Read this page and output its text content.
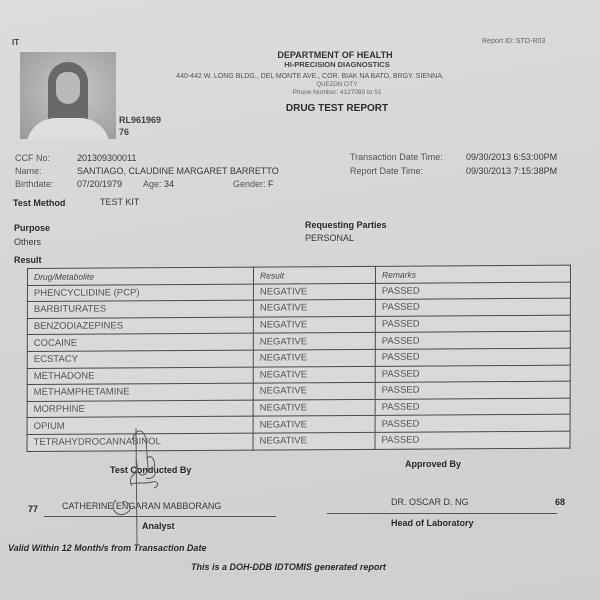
IT	Report ID: STO-R03
DEPARTMENT OF HEALTH
HI-PRECISION DIAGNOSTICS
440-442 W. LONG BLDG., DEL MONTE AVE., COR. BIAK NA BATO, BRGY. SIENNA,
QUEZON CITY
Phone Number: 4127080 to 51
DRUG TEST REPORT
RL961969
76
CCF No:	201309300011
Name:	SANTIAGO, CLAUDINE MARGARET BARRETTO
Birthdate:	07/20/1979 Age: 34	Gender: F
Transaction Date Time:	09/30/2013 6:53:00PM
Report Date Time:	09/30/2013 7:15:38PM
Test Method	TEST KIT
Purpose
Others
Requesting Parties
PERSONAL
Result
Drug/Metabolite	Result	Remarks
PHENCYCLIDINE (PCP)	NEGATIVE	PASSED
BARBITURATES	NEGATIVE	PASSED
BENZODIAZEPINES	NEGATIVE	PASSED
COCAINE	NEGATIVE	PASSED
ECSTACY	NEGATIVE	PASSED
METHADONE	NEGATIVE	PASSED
METHAMPHETAMINE	NEGATIVE	PASSED
MORPHINE	NEGATIVE	PASSED
OPIUM	NEGATIVE	PASSED
TETRAHYDROCANNABINOL	NEGATIVE	PASSED
Test Conducted By
Approved By
77	CATHERINE ENGARAN MABBORANG
Analyst
DR. OSCAR D. NG	68
Head of Laboratory
Valid Within 12 Month/s from Transaction Date
This is a DOH-DDB IDTOMIS generated report
